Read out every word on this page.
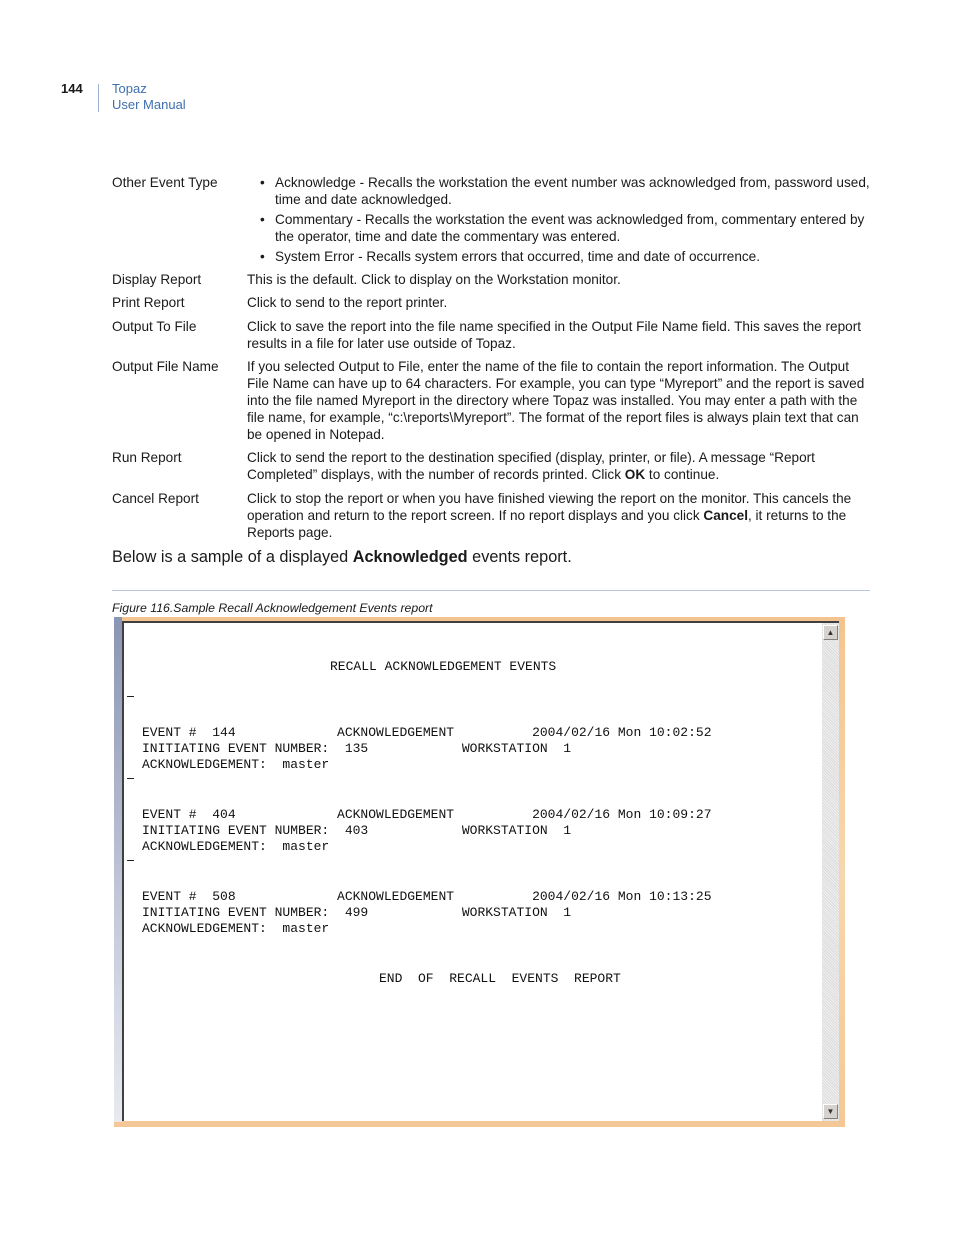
144 Topaz
User Manual
Other Event Type
•	Acknowledge - Recalls the workstation the event number was acknowledged from, password used, time and date acknowledged.
• Commentary - Recalls the workstation the event was acknowledged from, commentary entered by the operator, time and date the commentary was entered.
• System Error - Recalls system errors that occurred, time and date of occurrence.
Display Report	This is the default. Click to display on the Workstation monitor.
Print Report	Click to send to the report printer.
Output To File	Click to save the report into the file name specified in the Output File Name field. This saves the report results in a file for later use outside of Topaz.
Output File Name	If you selected Output to File, enter the name of the file to contain the report information. The Output File Name can have up to 64 characters. For example, you can type “Myreport” and the report is saved into the file named Myreport in the directory where Topaz was installed. You may enter a path with the file name, for example, “c:\reports\Myreport”. The format of the report files is always plain text that can be opened in Notepad.
Run Report	Click to send the report to the destination specified (display, printer, or file). A message “Report Completed” displays, with the number of records printed. Click OK to continue.
Cancel Report	Click to stop the report or when you have finished viewing the report on the monitor. This cancels the operation and return to the report screen. If no report displays and you click Cancel, it returns to the Reports page.
Below is a sample of a displayed Acknowledged events report.
Figure 116.Sample Recall Acknowledgement Events report
RECALL ACKNOWLEDGEMENT EVENTS
EVENT #  144             ACKNOWLEDGEMENT          2004/02/16 Mon 10:02:52
INITIATING EVENT NUMBER:  135            WORKSTATION  1
ACKNOWLEDGEMENT:  master
EVENT #  404             ACKNOWLEDGEMENT          2004/02/16 Mon 10:09:27
INITIATING EVENT NUMBER:  403            WORKSTATION  1
ACKNOWLEDGEMENT:  master
EVENT #  508             ACKNOWLEDGEMENT          2004/02/16 Mon 10:13:25
INITIATING EVENT NUMBER:  499            WORKSTATION  1
ACKNOWLEDGEMENT:  master
END  OF  RECALL  EVENTS  REPORT
▲
▼
